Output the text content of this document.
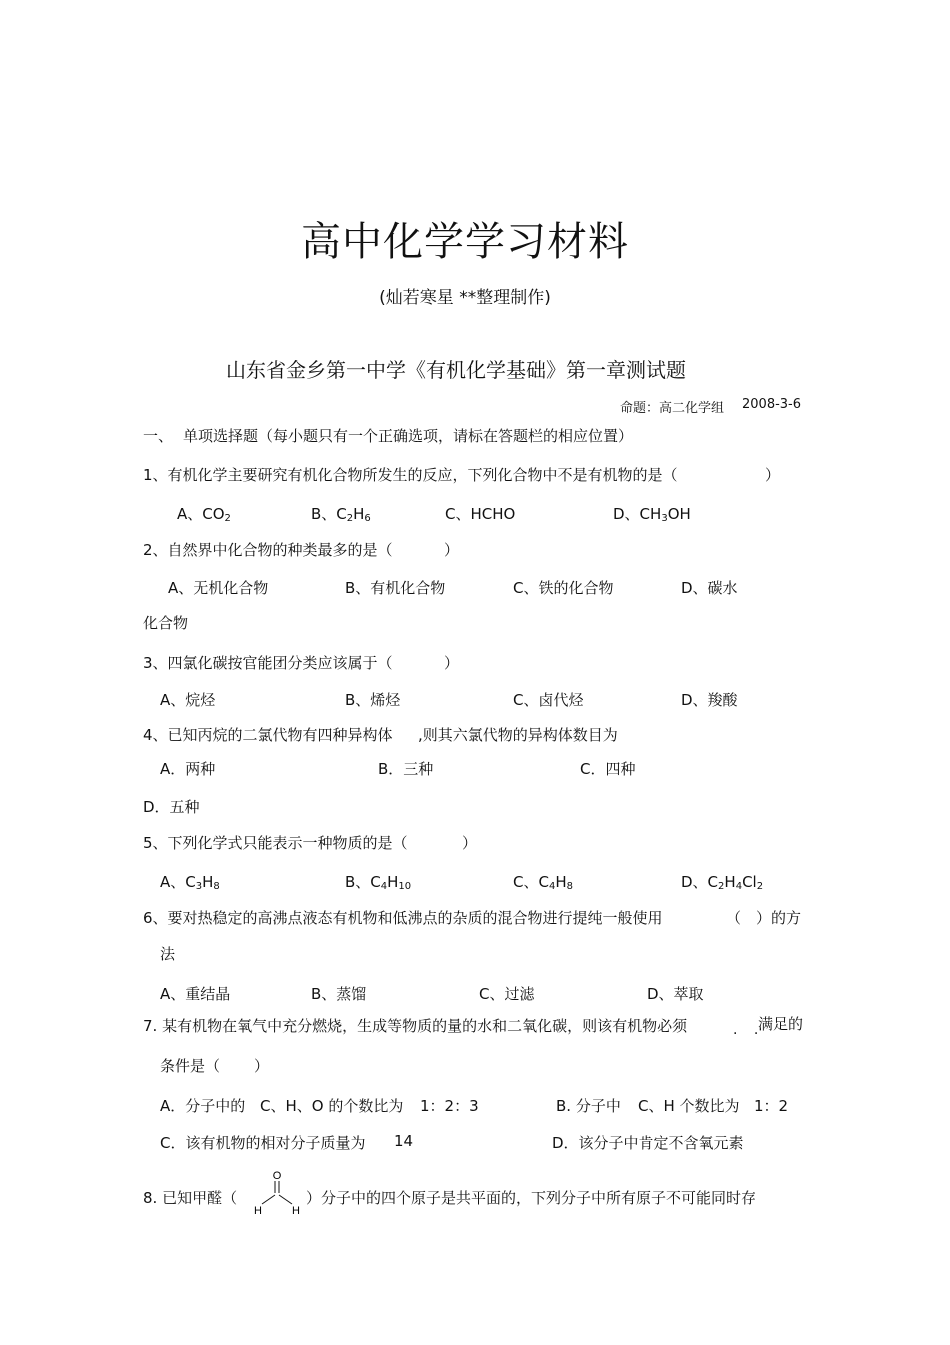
高中化学学习材料
(灿若寒星 **整理制作)
山东省金乡第一中学《有机化学基础》第一章测试题
命题：高二化学组 2008-3-6
一、 单项选择题（每小题只有一个正确选项，请标在答题栏的相应位置）
1、有机化学主要研究有机化合物所发生的反应，下列化合物中不是有机物的是（	）
A、$CO_2$	B、$C_2H_6$	C、HCHO	D、$CH_3OH$
2、自然界中化合物的种类最多的是（	）
A、无机化合物	B、有机化合物	C、铁的化合物	D、碳水
化合物
3、四氯化碳按官能团分类应该属于（	）
A、烷烃	B、烯烃	C、卤代烃	D、羧酸
4、已知丙烷的二氯代物有四种异构体 ,则其六氯代物的异构体数目为
A．两种	B．三种	C．四种
D．五种
5、下列化学式只能表示一种物质的是（	）
A、$C_3H_8$	B、$C_4H_{10}$	C、$C_4H_8$	D、$C_2H_4Cl_2$
6、要对热稳定的高沸点液态有机物和低沸点的杂质的混合物进行提纯一般使用	（ ）的方
法
A、重结晶	B、蒸馏	C、过滤	D、萃取
7. 某有机物在氧气中充分燃烧，生成等物质的量的水和二氧化碳，则该有机物必须	. .
满足的
条件是（ ）
A．分子中的 C、H、O 的个数比为 1：2：3	B. 分子中 C、H 个数比为 1：2
C．该有机物的相对分子质量为 14	D．该分子中肯定不含氧元素
8. 已知甲醛（
O
H	H
）分子中的四个原子是共平面的，下列分子中所有原子不可能同时存
